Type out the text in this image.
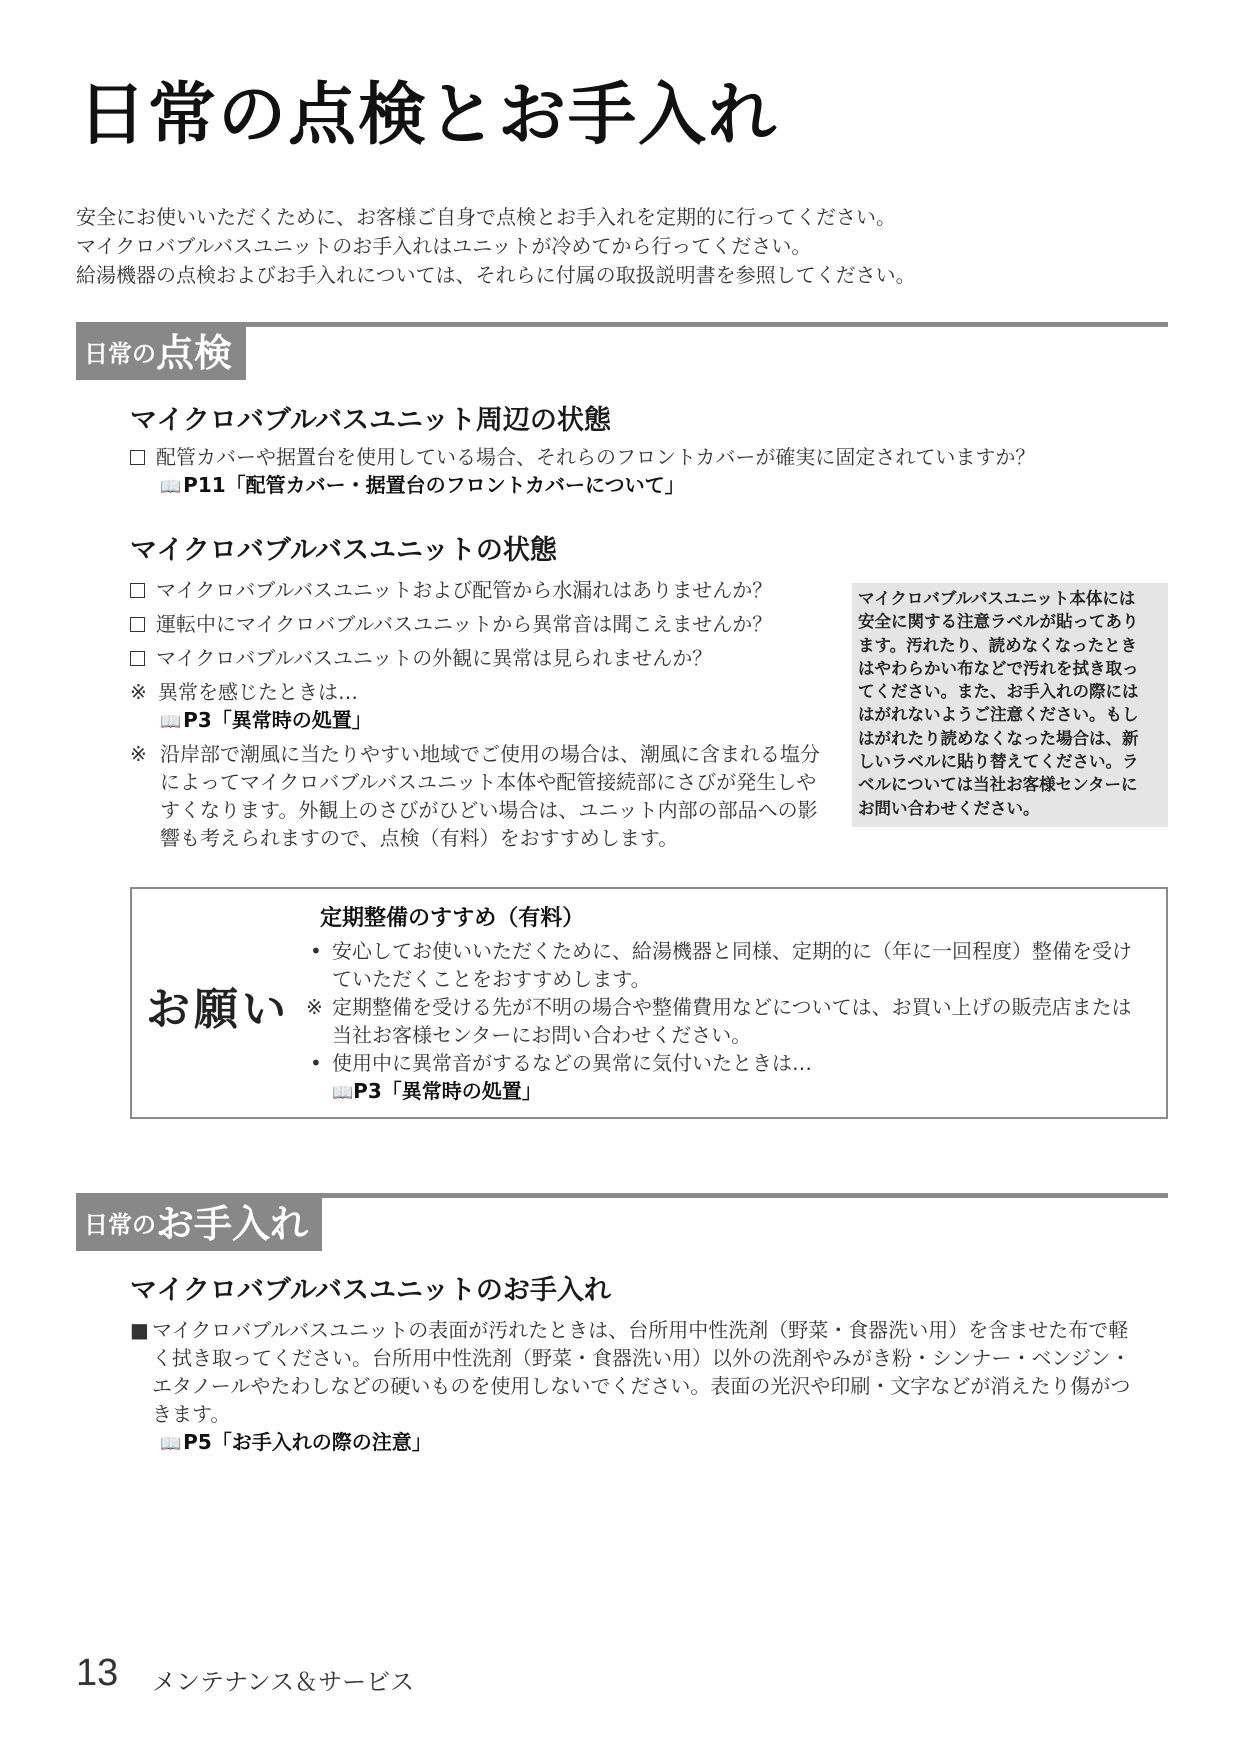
日常の点検とお手入れ
安全にお使いいただくために、お客様ご自身で点検とお手入れを定期的に行ってください。
マイクロバブルバスユニットのお手入れはユニットが冷めてから行ってください。
給湯機器の点検およびお手入れについては、それらに付属の取扱説明書を参照してください。
日常の 点検
マイクロバブルバスユニット周辺の状態
配管カバーや据置台を使用している場合、それらのフロントカバーが確実に固定されていますか？
📖 P11「配管カバー・据置台のフロントカバーについて」
マイクロバブルバスユニットの状態
マイクロバブルバスユニットおよび配管から水漏れはありませんか？
運転中にマイクロバブルバスユニットから異常音は聞こえませんか？
マイクロバブルバスユニットの外観に異常は見られませんか？
※ 異常を感じたときは…
📖 P3「異常時の処置」
※ 沿岸部で潮風に当たりやすい地域でご使用の場合は、潮風に含まれる塩分
によってマイクロバブルバスユニット本体や配管接続部にさびが発生しや
すくなります。外観上のさびがひどい場合は、ユニット内部の部品への影
響も考えられますので、点検（有料）をおすすめします。
マイクロバブルバスユニット本体には
安全に関する注意ラベルが貼ってあり
ます。汚れたり、読めなくなったとき
はやわらかい布などで汚れを拭き取っ
てください。また、お手入れの際には
はがれないようご注意ください。もし
はがれたり読めなくなった場合は、新
しいラベルに貼り替えてください。ラ
ベルについては当社お客様センターに
お問い合わせください。
お願い
定期整備のすすめ（有料）
• 安心してお使いいただくために、給湯機器と同様、定期的に（年に一回程度）整備を受け
ていただくことをおすすめします。
※ 定期整備を受ける先が不明の場合や整備費用などについては、お買い上げの販売店または
当社お客様センターにお問い合わせください。
• 使用中に異常音がするなどの異常に気付いたときは…
📖P3「異常時の処置」
日常の お手入れ
マイクロバブルバスユニットのお手入れ
■ マイクロバブルバスユニットの表面が汚れたときは、台所用中性洗剤（野菜・食器洗い用）を含ませた布で軽
く拭き取ってください。台所用中性洗剤（野菜・食器洗い用）以外の洗剤やみがき粉・シンナー・ベンジン・
エタノールやたわしなどの硬いものを使用しないでください。表面の光沢や印刷・文字などが消えたり傷がつ
きます。
📖 P5「お手入れの際の注意」
13 メンテナンス＆サービス
